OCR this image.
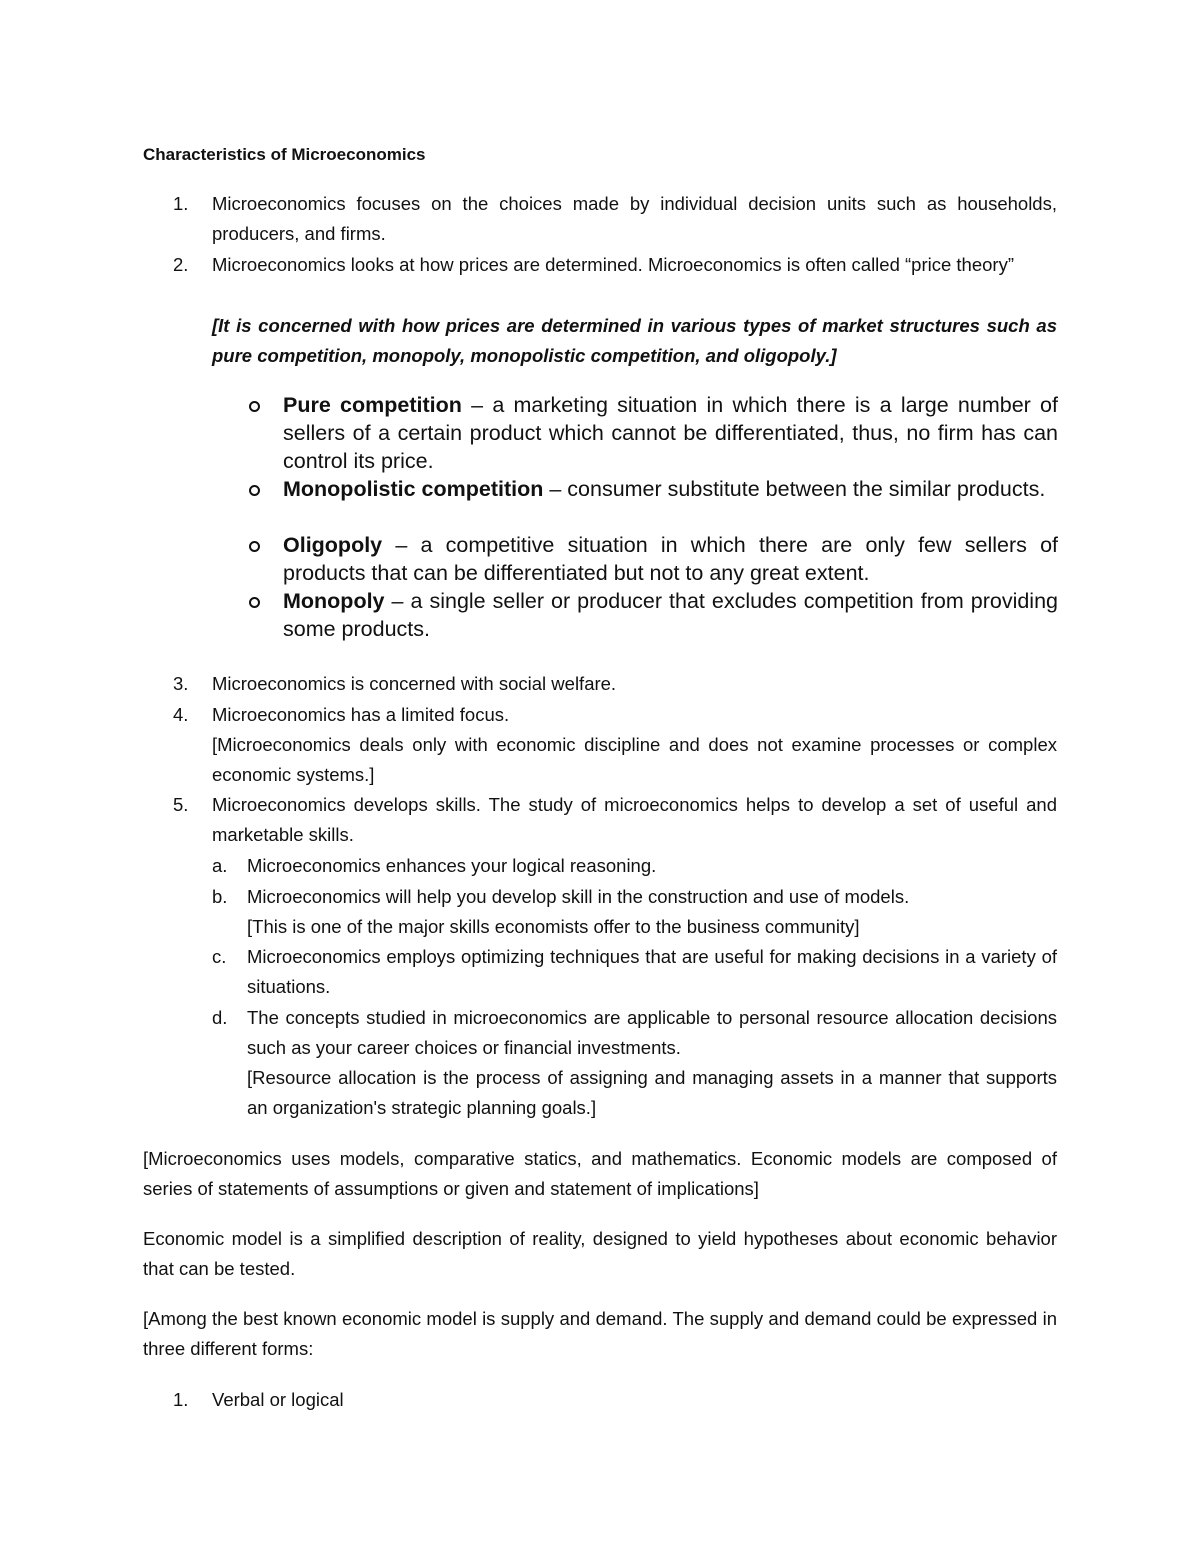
Characteristics of Microeconomics
1. Microeconomics focuses on the choices made by individual decision units such as households, producers, and firms.
2. Microeconomics looks at how prices are determined. Microeconomics is often called “price theory”
[It is concerned with how prices are determined in various types of market structures such as pure competition, monopoly, monopolistic competition, and oligopoly.]
Pure competition – a marketing situation in which there is a large number of sellers of a certain product which cannot be differentiated, thus, no firm has can control its price.
Monopolistic competition – consumer substitute between the similar products.
Oligopoly – a competitive situation in which there are only few sellers of products that can be differentiated but not to any great extent.
Monopoly – a single seller or producer that excludes competition from providing some products.
3. Microeconomics is concerned with social welfare.
4. Microeconomics has a limited focus.
[Microeconomics deals only with economic discipline and does not examine processes or complex economic systems.]
5. Microeconomics develops skills. The study of microeconomics helps to develop a set of useful and marketable skills.
a. Microeconomics enhances your logical reasoning.
b. Microeconomics will help you develop skill in the construction and use of models.
[This is one of the major skills economists offer to the business community]
c. Microeconomics employs optimizing techniques that are useful for making decisions in a variety of situations.
d. The concepts studied in microeconomics are applicable to personal resource allocation decisions such as your career choices or financial investments.
[Resource allocation is the process of assigning and managing assets in a manner that supports an organization's strategic planning goals.]
[Microeconomics uses models, comparative statics, and mathematics. Economic models are composed of series of statements of assumptions or given and statement of implications]
Economic model is a simplified description of reality, designed to yield hypotheses about economic behavior that can be tested.
[Among the best known economic model is supply and demand. The supply and demand could be expressed in three different forms:
1. Verbal or logical
